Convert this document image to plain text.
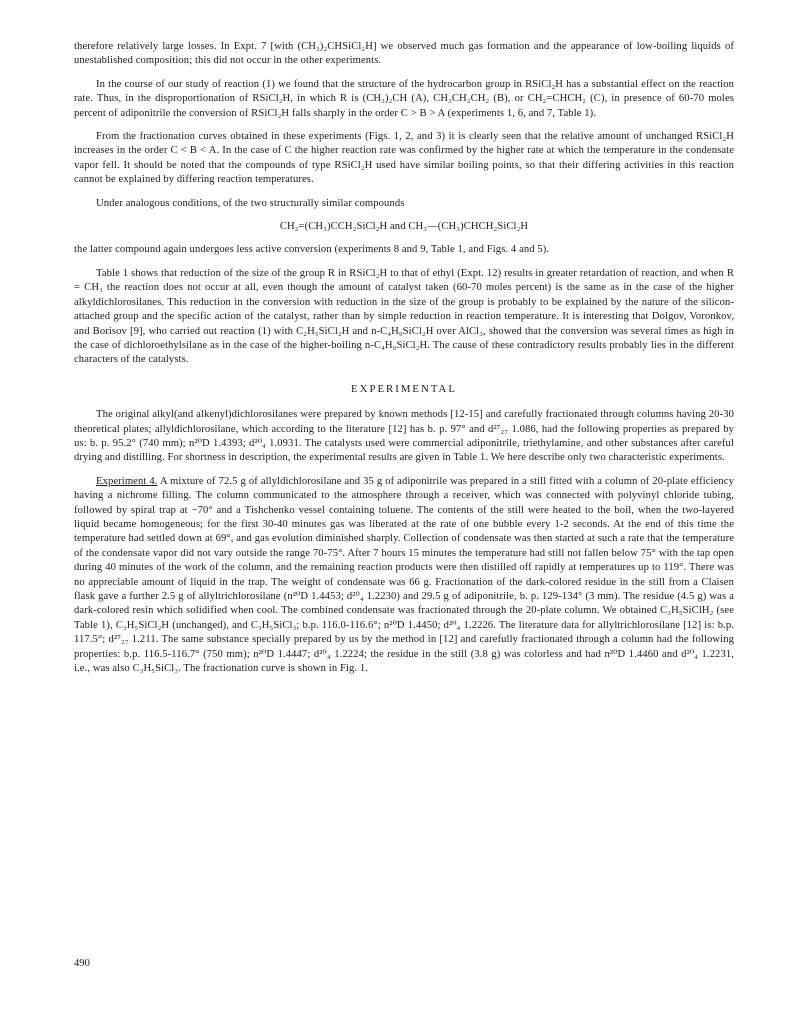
therefore relatively large losses. In Expt. 7 [with (CH₃)₂CHSiCl₂H] we observed much gas formation and the appearance of low-boiling liquids of unestablished composition; this did not occur in the other experiments.

In the course of our study of reaction (1) we found that the structure of the hydrocarbon group in RSiCl₂H has a substantial effect on the reaction rate. Thus, in the disproportionation of RSiCl₂H, in which R is (CH₃)₂CH (A), CH₃CH₂CH₂ (B), or CH₂=CHCH₂ (C), in presence of 60-70 moles percent of adiponitrile the conversion of RSiCl₂H falls sharply in the order C > B > A (experiments 1, 6, and 7, Table 1).

From the fractionation curves obtained in these experiments (Figs. 1, 2, and 3) it is clearly seen that the relative amount of unchanged RSiCl₂H increases in the order C < B < A. In the case of C the higher reaction rate was confirmed by the higher rate at which the temperature in the condensate vapor fell. It should be noted that the compounds of type RSiCl₂H used have similar boiling points, so that their differing activities in this reaction cannot be explained by differing reaction temperatures.

Under analogous conditions, of the two structurally similar compounds

CH₂=(CH₃)CCH₂SiCl₂H and CH₃—(CH₃)CHCH₂SiCl₂H

the latter compound again undergoes less active conversion (experiments 8 and 9, Table 1, and Figs. 4 and 5).

Table 1 shows that reduction of the size of the group R in RSiCl₂H to that of ethyl (Expt. 12) results in greater retardation of reaction, and when R = CH₃ the reaction does not occur at all, even though the amount of catalyst taken (60-70 moles percent) is the same as in the case of the higher alkyldichlorosilanes. This reduction in the conversion with reduction in the size of the group is probably to be explained by the nature of the silicon-attached group and the specific action of the catalyst, rather than by simple reduction in reaction temperature. It is interesting that Dolgov, Voronkov, and Borisov [9], who carried out reaction (1) with C₂H₅SiCl₂H and n-C₄H₉SiCl₂H over AlCl₃, showed that the conversion was several times as high in the case of dichloroethylsilane as in the case of the higher-boiling n-C₄H₉SiCl₂H. The cause of these contradictory results probably lies in the different characters of the catalysts.

EXPERIMENTAL

The original alkyl(and alkenyl)dichlorosilanes were prepared by known methods [12-15] and carefully fractionated through columns having 20-30 theoretical plates; allyldichlorosilane, which according to the literature [12] has b. p. 97° and d²⁷₂₇ 1.086, had the following properties as prepared by us: b. p. 95.2° (740 mm); n²⁰D 1.4393; d²⁰₄ 1.0931. The catalysts used were commercial adiponitrile, triethylamine, and other substances after careful drying and distilling. For shortness in description, the experimental results are given in Table 1. We here describe only two characteristic experiments.

Experiment 4. A mixture of 72.5 g of allyldichlorosilane and 35 g of adiponitrile was prepared in a still fitted with a column of 20-plate efficiency having a nichrome filling. The column communicated to the atmosphere through a receiver, which was connected with polyvinyl chloride tubing, followed by spiral trap at −70° and a Tishchenko vessel containing toluene. The contents of the still were heated to the boil, when the two-layered liquid became homogeneous; for the first 30-40 minutes gas was liberated at the rate of one bubble every 1-2 seconds. At the end of this time the temperature had settled down at 69°, and gas evolution diminished sharply. Collection of condensate was then started at such a rate that the temperature of the condensate vapor did not vary outside the range 70-75°. After 7 hours 15 minutes the temperature had still not fallen below 75° with the tap open during 40 minutes of the work of the column, and the remaining reaction products were then distilled off rapidly at temperatures up to 119°. There was no appreciable amount of liquid in the trap. The weight of condensate was 66 g. Fractionation of the dark-colored residue in the still from a Claisen flask gave a further 2.5 g of allyltrichlorosilane (n²⁰D 1.4453; d²⁰₄ 1.2230) and 29.5 g of adiponitrile, b. p. 129-134° (3 mm). The residue (4.5 g) was a dark-colored resin which solidified when cool. The combined condensate was fractionated through the 20-plate column. We obtained C₃H₅SiClH₂ (see Table 1), C₃H₅SiCl₂H (unchanged), and C₃H₅SiCl₃; b.p. 116.0-116.6°; n²⁰D 1.4450; d²⁰₄ 1.2226. The literature data for allyltrichlorosilane [12] is: b.p. 117.5°; d²⁷₂₇ 1.211. The same substance specially prepared by us by the method in [12] and carefully fractionated through a column had the following properties: b.p. 116.5-116.7° (750 mm); n²⁰D 1.4447; d²⁰₄ 1.2224; the residue in the still (3.8 g) was colorless and had n²⁰D 1.4460 and d²⁰₄ 1.2231, i.e., was also C₃H₅SiCl₃. The fractionation curve is shown in Fig. 1.

490
